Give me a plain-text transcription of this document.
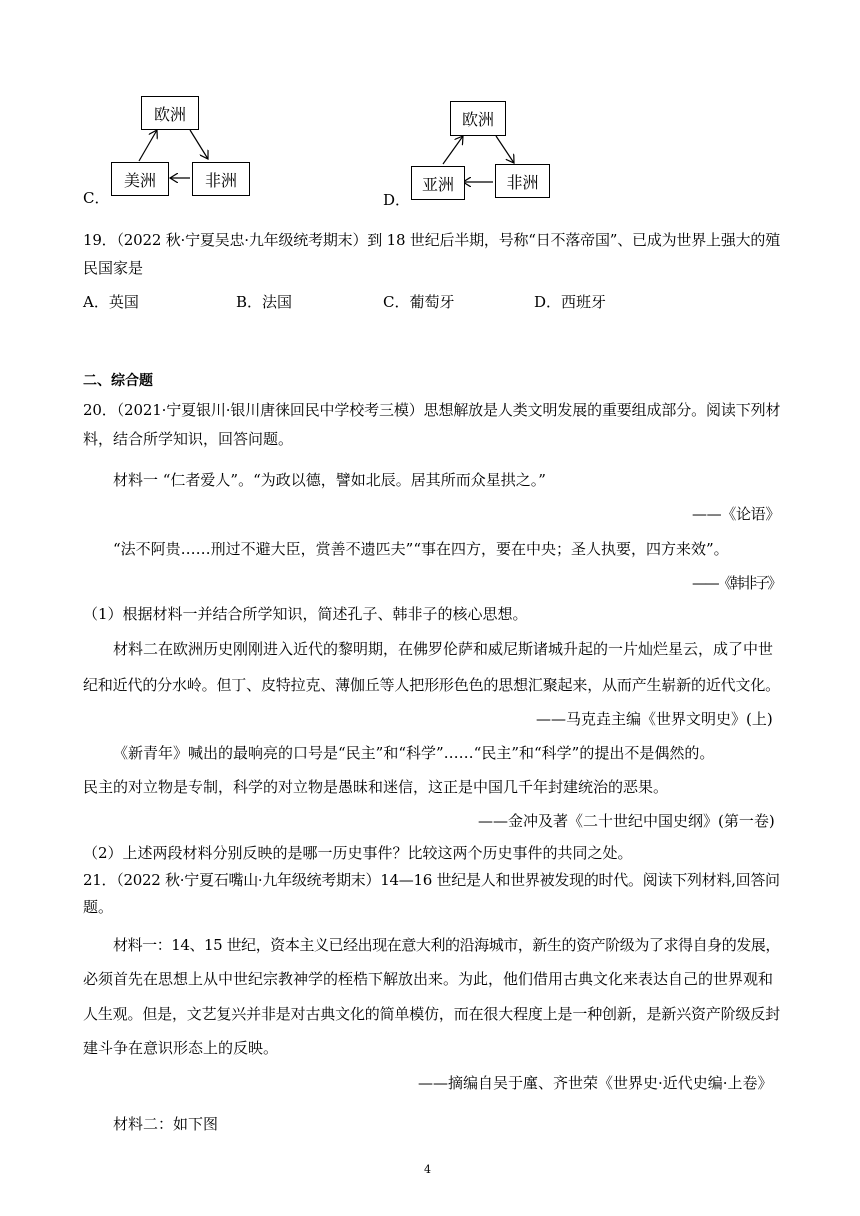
C．
欧洲
美洲	非洲
D．
欧洲
亚洲	非洲
19．（2022 秋·宁夏吴忠·九年级统考期末）到 18 世纪后半期，号称“日不落帝国”、已成为世界上强大的殖
民国家是
A．英国	B．法国	C．葡萄牙	D．西班牙
二、综合题
20．（2021·宁夏银川·银川唐徕回民中学校考三模）思想解放是人类文明发展的重要组成部分。阅读下列材
料，结合所学知识，回答问题。
材料一 “仁者爱人”。“为政以德，譬如北辰。居其所而众星拱之。”
——《论语》
“法不阿贵……刑过不避大臣，赏善不遗匹夫”“事在四方，要在中央；圣人执要，四方来效”。
——《韩非子》
（1）根据材料一并结合所学知识，简述孔子、韩非子的核心思想。
材料二在欧洲历史刚刚进入近代的黎明期，在佛罗伦萨和威尼斯诸城升起的一片灿烂星云，成了中世
纪和近代的分水岭。但丁、皮特拉克、薄伽丘等人把形形色色的思想汇聚起来，从而产生崭新的近代文化。
——马克垚主编《世界文明史》(上)
《新青年》喊出的最响亮的口号是“民主”和“科学”……“民主”和“科学”的提出不是偶然的。
民主的对立物是专制，科学的对立物是愚昧和迷信，这正是中国几千年封建统治的恶果。
——金冲及著《二十世纪中国史纲》(第一卷)
（2）上述两段材料分别反映的是哪一历史事件？比较这两个历史事件的共同之处。
21．（2022 秋·宁夏石嘴山·九年级统考期末）14—16 世纪是人和世界被发现的时代。阅读下列材料,回答问
题。
材料一：14、15 世纪，资本主义已经出现在意大利的沿海城市，新生的资产阶级为了求得自身的发展，
必须首先在思想上从中世纪宗教神学的桎梏下解放出来。为此，他们借用古典文化来表达自己的世界观和
人生观。但是，文艺复兴并非是对古典文化的简单模仿，而在很大程度上是一种创新，是新兴资产阶级反封
建斗争在意识形态上的反映。
——摘编自吴于廑、齐世荣《世界史·近代史编·上卷》
材料二：如下图
4
